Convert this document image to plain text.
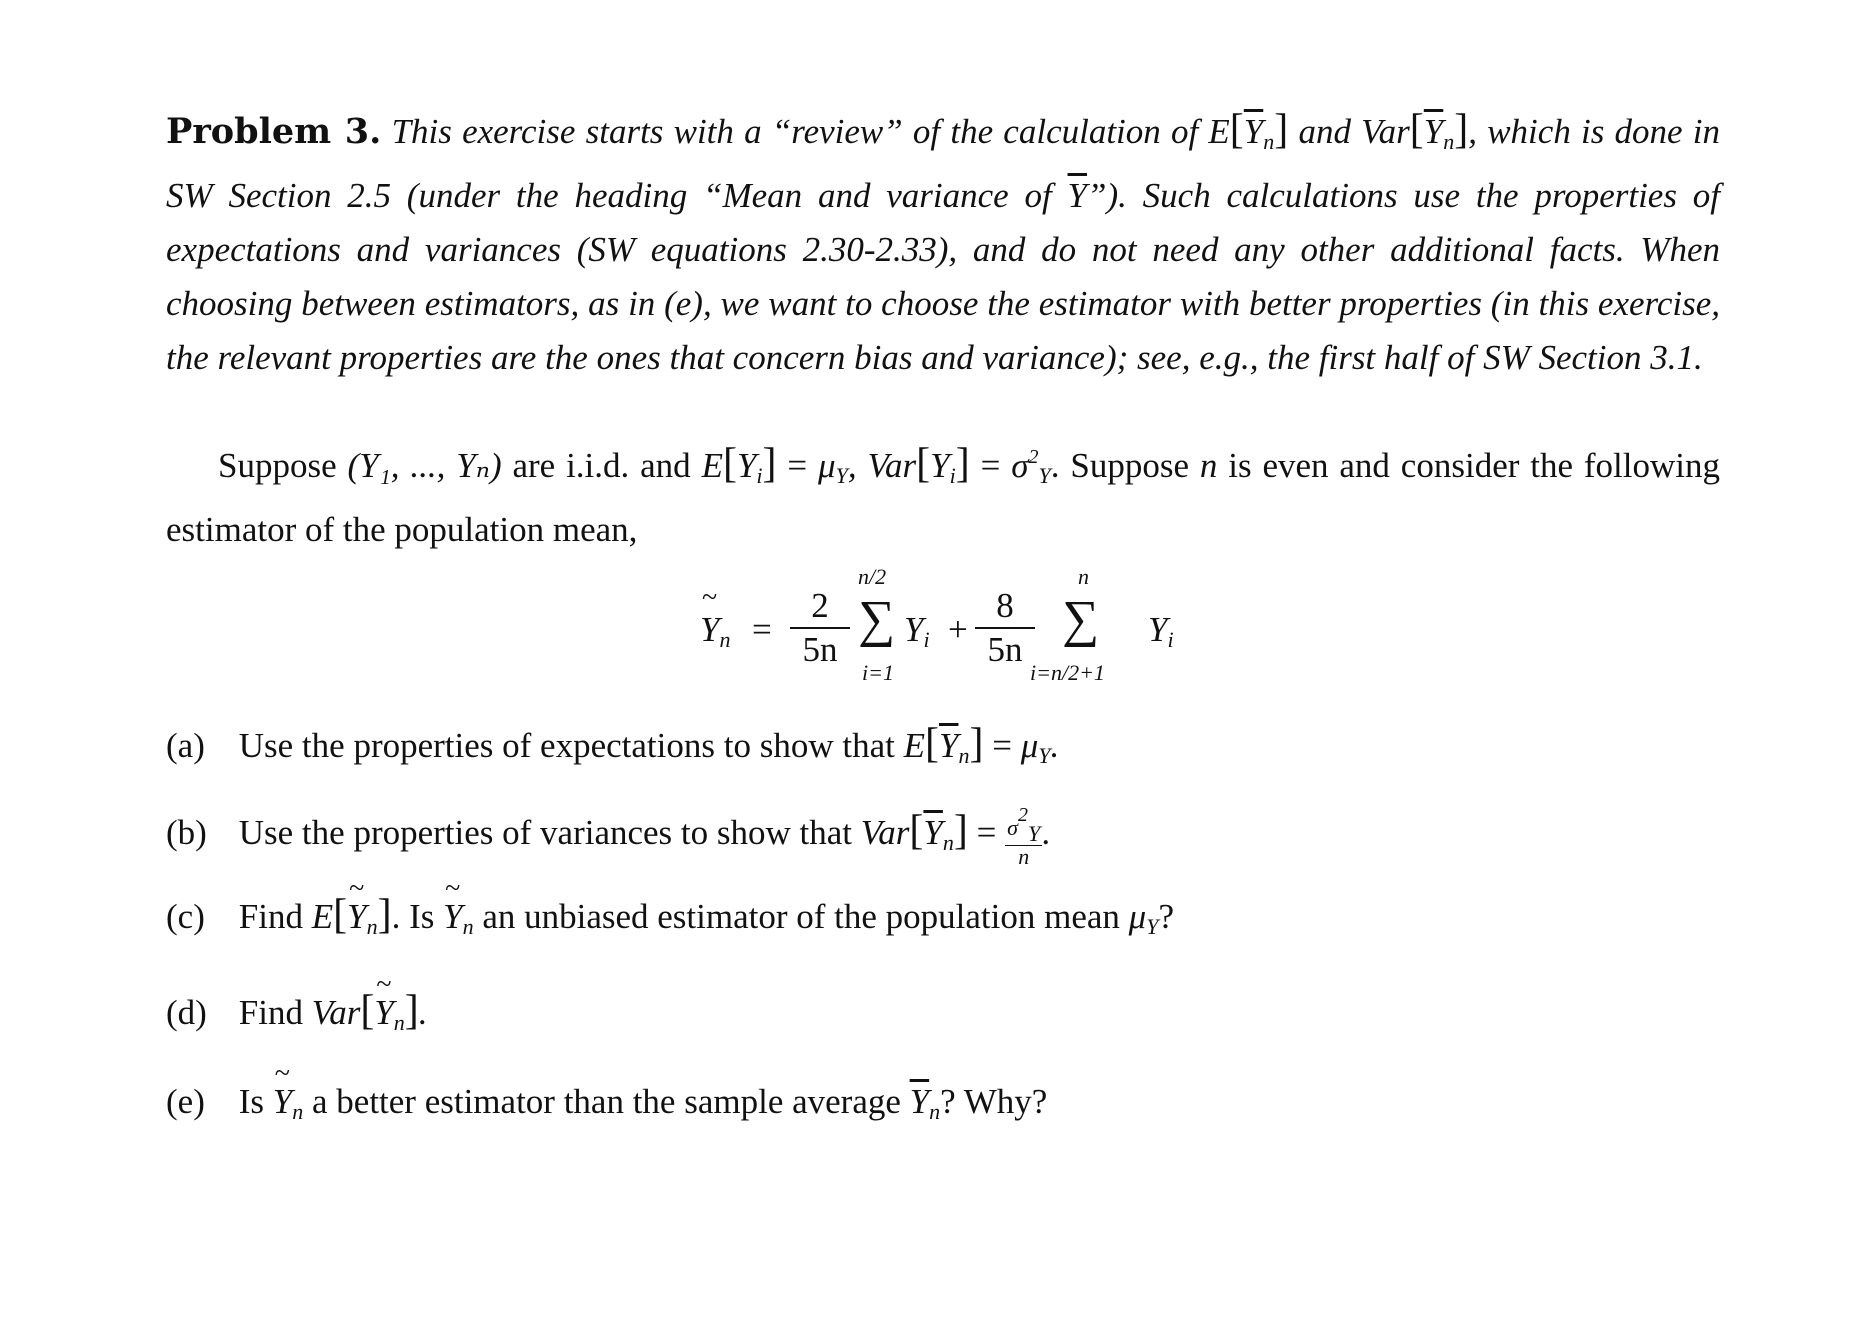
Problem 3. This exercise starts with a “review” of the calculation of $E[\overline{Y}_n]$ and $Var[\overline{Y}_n]$, which is done in SW Section 2.5 (under the heading “Mean and variance of $\overline{Y}$”). Such calculations use the properties of expectations and variances (SW equations 2.30-2.33), and do not need any other additional facts. When choosing between estimators, as in (e), we want to choose the estimator with better properties (in this exercise, the relevant properties are the ones that concern bias and variance); see, e.g., the first half of SW Section 3.1.
Suppose (Y₁, ..., Yₙ) are i.i.d. and $E[Y_i] = \mu_Y$, $Var[Y_i] = \sigma^2_Y$. Suppose n is even and consider the following estimator of the population mean,
~ $Y_n = \frac{2}{5n}$
n/2
∑
i=1
$Y_i + \frac{8}{5n}$
n
∑
i=n/2+1
$Y_i$
(a) Use the properties of expectations to show that $E[\overline{Y}_n] = \mu_Y$.
(b) Use the properties of variances to show that $Var[\overline{Y}_n] = \frac{\sigma^2_Y}{n}$.
(c) Find E[~ $Y_n$]. Is ~ $Y_n$ an unbiased estimator of the population mean $\mu_Y$?
(d) Find Var[~ $Y_n$].
(e) Is ~ $Y_n$ a better estimator than the sample average $\overline{Y}_n$? Why?
